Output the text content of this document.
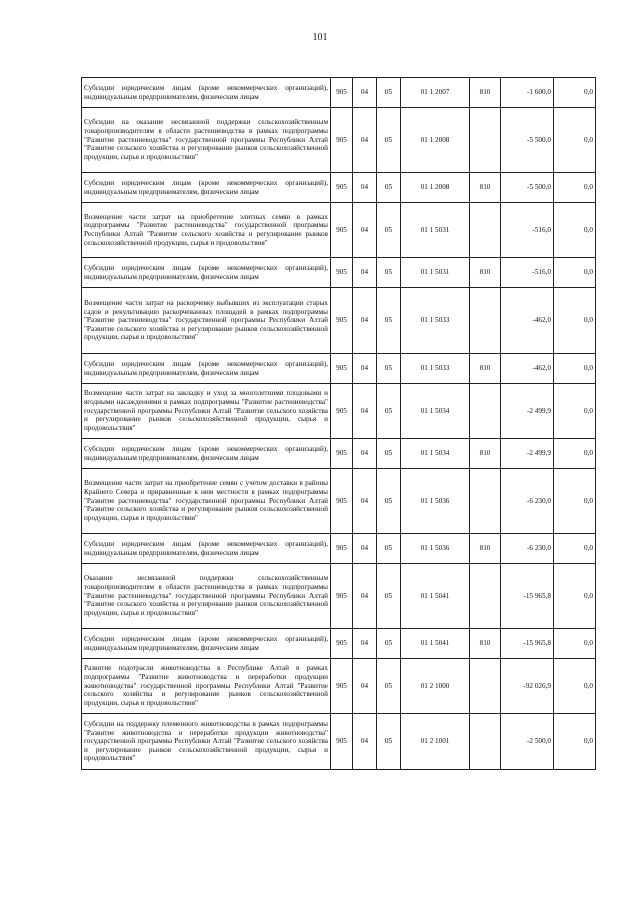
101
Субсидии юридическим лицам (кроме некоммерческих организаций), индивидуальным предпринимателям, физическим лицам	905	04	05	01 1 2007	810	-1 600,0	0,0
Субсидии на оказание несвязанной поддержки сельскохозяйственным товаропроизводителям в области растениеводства в рамках подпрограммы "Развитие растениеводства" государственной программы Республики Алтай "Развитие сельского хозяйства и регулирование рынков сельскохозяйственной продукции, сырья и продовольствия"	905	04	05	01 1 2008		-5 500,0	0,0
Субсидии юридическим лицам (кроме некоммерческих организаций), индивидуальным предпринимателям, физическим лицам	905	04	05	01 1 2008	810	-5 500,0	0,0
Возмещение части затрат на приобретение элитных семян в рамках подпрограммы "Развитие растениеводства" государственной программы Республики Алтай "Развитие сельского хозяйства и регулирование рынков сельскохозяйственной продукции, сырья и продовольствия"	905	04	05	01 1 5031		-516,0	0,0
Субсидии юридическим лицам (кроме некоммерческих организаций), индивидуальным предпринимателям, физическим лицам	905	04	05	01 1 5031	810	-516,0	0,0
Возмещение части затрат на раскорчевку выбывших из эксплуатации старых садов и рекультивацию раскорчеванных площадей в рамках подпрограммы "Развитие растениеводства" государственной программы Республики Алтай "Развитие сельского хозяйства и регулирование рынков сельскохозяйственной продукции, сырья и продовольствия"	905	04	05	01 1 5033		-462,0	0,0
Субсидии юридическим лицам (кроме некоммерческих организаций), индивидуальным предпринимателям, физическим лицам	905	04	05	01 1 5033	810	-462,0	0,0
Возмещение части затрат на закладку и уход за многолетними плодовыми и ягодными насаждениями в рамках подпрограммы "Развитие растениеводства" государственной программы Республики Алтай "Развитие сельского хозяйства и регулирование рынков сельскохозяйственной продукции, сырья и продовольствия"	905	04	05	01 1 5034		-2 499,9	0,0
Субсидии юридическим лицам (кроме некоммерческих организаций), индивидуальным предпринимателям, физическим лицам	905	04	05	01 1 5034	810	-2 499,9	0,0
Возмещение части затрат на приобретение семян с учетом доставки в районы Крайнего Севера и приравненные к ним местности в рамках подпрограммы "Развитие растениеводства" государственной программы Республики Алтай "Развитие сельского хозяйства и регулирование рынков сельскохозяйственной продукции, сырья и продовольствия"	905	04	05	01 1 5036		-6 230,0	0,0
Субсидии юридическим лицам (кроме некоммерческих организаций), индивидуальным предпринимателям, физическим лицам	905	04	05	01 1 5036	810	-6 230,0	0,0
Оказание несвязанной поддержки сельскохозяйственным товаропроизводителям в области растениеводства в рамках подпрограммы "Развитие растениеводства" государственной программы Республики Алтай "Развитие сельского хозяйства и регулирование рынков сельскохозяйственной продукции, сырья и продовольствия"	905	04	05	01 1 5041		-15 965,8	0,0
Субсидии юридическим лицам (кроме некоммерческих организаций), индивидуальным предпринимателям, физическим лицам	905	04	05	01 1 5041	810	-15 965,8	0,0
Развитие подотрасли животноводства в Республике Алтай в рамках подпрограммы "Развитие животноводства и переработки продукции животноводства" государственной программы Республики Алтай "Развитие сельского хозяйства и регулирование рынков сельскохозяйственной продукции, сырья и продовольствия"	905	04	05	01 2 1000		-92 026,9	0,0
Субсидии на поддержку племенного животноводства в рамках подпрограммы "Развитие животноводства и переработки продукции животноводства" государственной программы Республики Алтай "Развитие сельского хозяйства и регулирование рынков сельскохозяйственной продукции, сырья и продовольствия"	905	04	05	01 2 1001		-2 500,0	0,0
